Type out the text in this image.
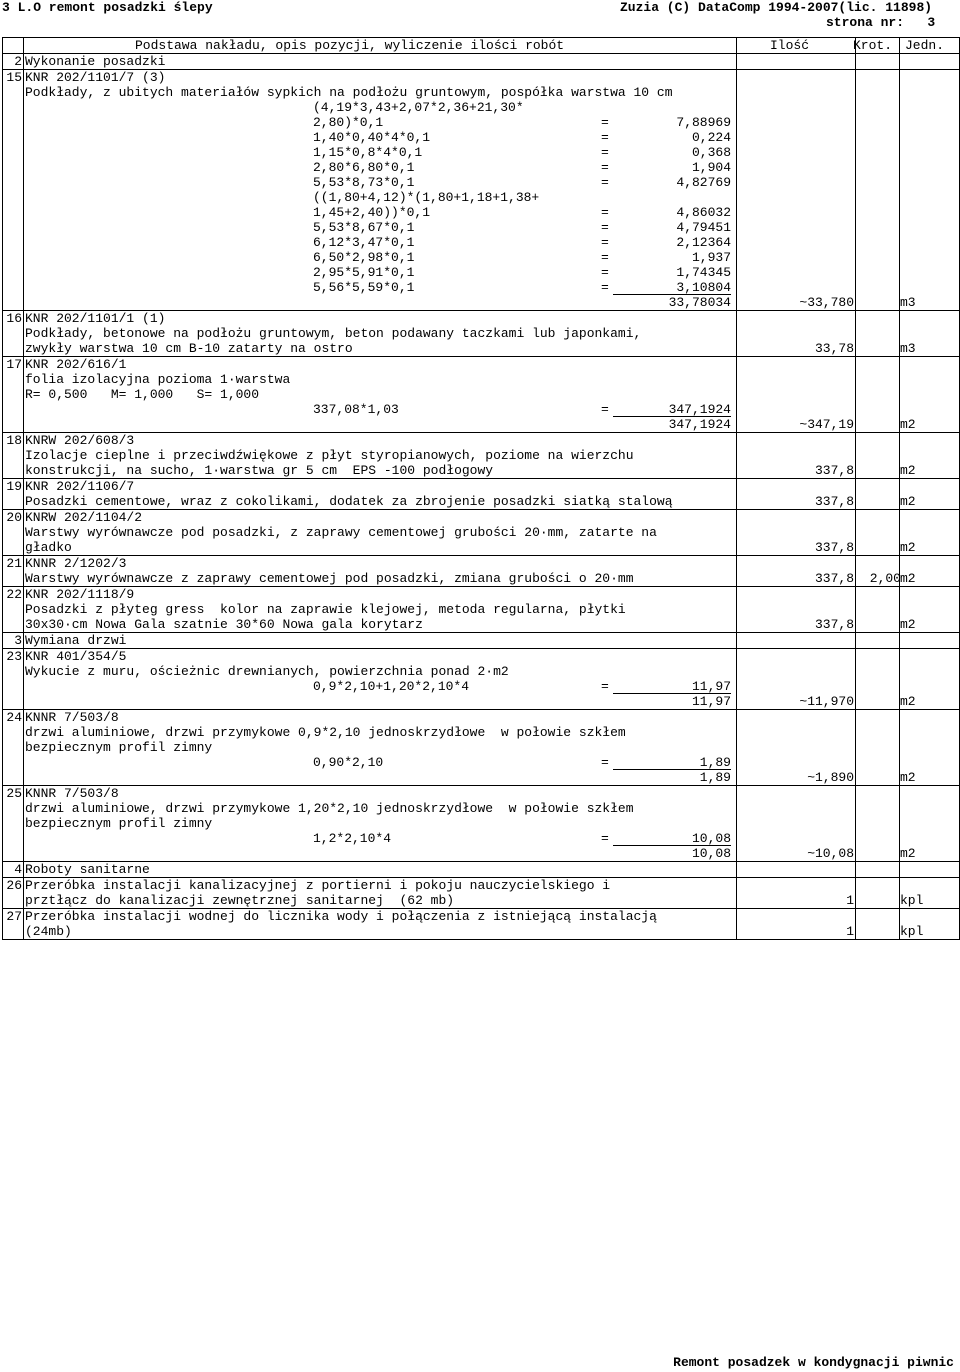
3 L.O remont posadzki ślepy	Zuzia (C) DataComp 1994-2007(lic. 11898)
strona nr: 3
Podstawa nakładu, opis pozycji, wyliczenie ilości robót	Ilość	Krot. Jedn.
2 Wykonanie posadzki
15 KNR 202/1101/7 (3)
Podkłady, z ubitych materiałów sypkich na podłożu gruntowym, pospółka warstwa 10 cm
(4,19*3,43+2,07*2,36+21,30*
2,80)*0,1	=	7,88969
1,40*0,40*4*0,1	=	0,224
1,15*0,8*4*0,1	=	0,368
2,80*6,80*0,1	=	1,904
5,53*8,73*0,1	=	4,82769
((1,80+4,12)*(1,80+1,18+1,38+
1,45+2,40))*0,1	=	4,86032
5,53*8,67*0,1	=	4,79451
6,12*3,47*0,1	=	2,12364
6,50*2,98*0,1	=	1,937
2,95*5,91*0,1	=	1,74345
5,56*5,59*0,1	=	3,10804
33,78034	~33,780	m3
16 KNR 202/1101/1 (1)
Podkłady, betonowe na podłożu gruntowym, beton podawany taczkami lub japonkami,
zwykły warstwa 10 cm B-10 zatarty na ostro	33,78	m3
17 KNR 202/616/1
folia izolacyjna pozioma 1·warstwa
R= 0,500   M= 1,000   S= 1,000
337,08*1,03	=	347,1924
347,1924	~347,19	m2
18 KNRW 202/608/3
Izolacje cieplne i przeciwdźwiękowe z płyt styropianowych, poziome na wierzchu
konstrukcji, na sucho, 1·warstwa gr 5 cm  EPS -100 podłogowy	337,8	m2
19 KNR 202/1106/7
Posadzki cementowe, wraz z cokolikami, dodatek za zbrojenie posadzki siatką stalową	337,8	m2
20 KNRW 202/1104/2
Warstwy wyrównawcze pod posadzki, z zaprawy cementowej grubości 20·mm, zatarte na
gładko	337,8	m2
21 KNNR 2/1202/3
Warstwy wyrównawcze z zaprawy cementowej pod posadzki, zmiana grubości o 20·mm	337,8	2,00 m2
22 KNR 202/1118/9
Posadzki z płyteg gress  kolor na zaprawie klejowej, metoda regularna, płytki
30x30·cm Nowa Gala szatnie 30*60 Nowa gala korytarz	337,8	m2
3 Wymiana drzwi
23 KNR 401/354/5
Wykucie z muru, ościeżnic drewnianych, powierzchnia ponad 2·m2
0,9*2,10+1,20*2,10*4	=	11,97
11,97	~11,970	m2
24 KNNR 7/503/8
drzwi aluminiowe, drzwi przymykowe 0,9*2,10 jednoskrzydłowe  w połowie szkłem
bezpiecznym profil zimny
0,90*2,10	=	1,89
1,89	~1,890	m2
25 KNNR 7/503/8
drzwi aluminiowe, drzwi przymykowe 1,20*2,10 jednoskrzydłowe  w połowie szkłem
bezpiecznym profil zimny
1,2*2,10*4	=	10,08
10,08	~10,08	m2
4 Roboty sanitarne
26 Przeróbka instalacji kanalizacyjnej z portierni i pokoju nauczycielskiego i
prztłącz do kanalizacji zewnętrznej sanitarnej  (62 mb)	1	kpl
27 Przeróbka instalacji wodnej do licznika wody i połączenia z istniejącą instalacją
(24mb)	1	kpl
Remont posadzek w kondygnacji piwnic
